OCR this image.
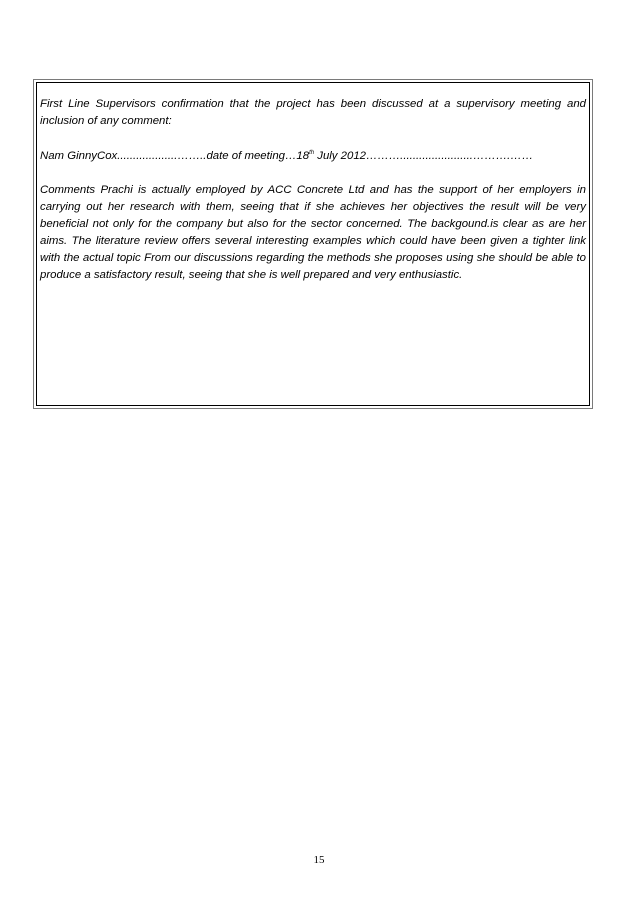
First Line Supervisors confirmation that the project has been discussed at a supervisory meeting and inclusion of any comment:

Nam GinnyCox...................……..date of meeting…18th July 2012……….......................……….……

Comments Prachi is actually employed by ACC Concrete Ltd and has the support of her employers in carrying out her research with them, seeing that if she achieves her objectives the result will be very beneficial not only for the company but also for the sector concerned. The backgound.is clear as are her aims. The literature review offers several interesting examples which could have been given a tighter link with the actual topic From our discussions regarding the methods she proposes using she should be able to produce a satisfactory result, seeing that she is well prepared and very enthusiastic.

15
